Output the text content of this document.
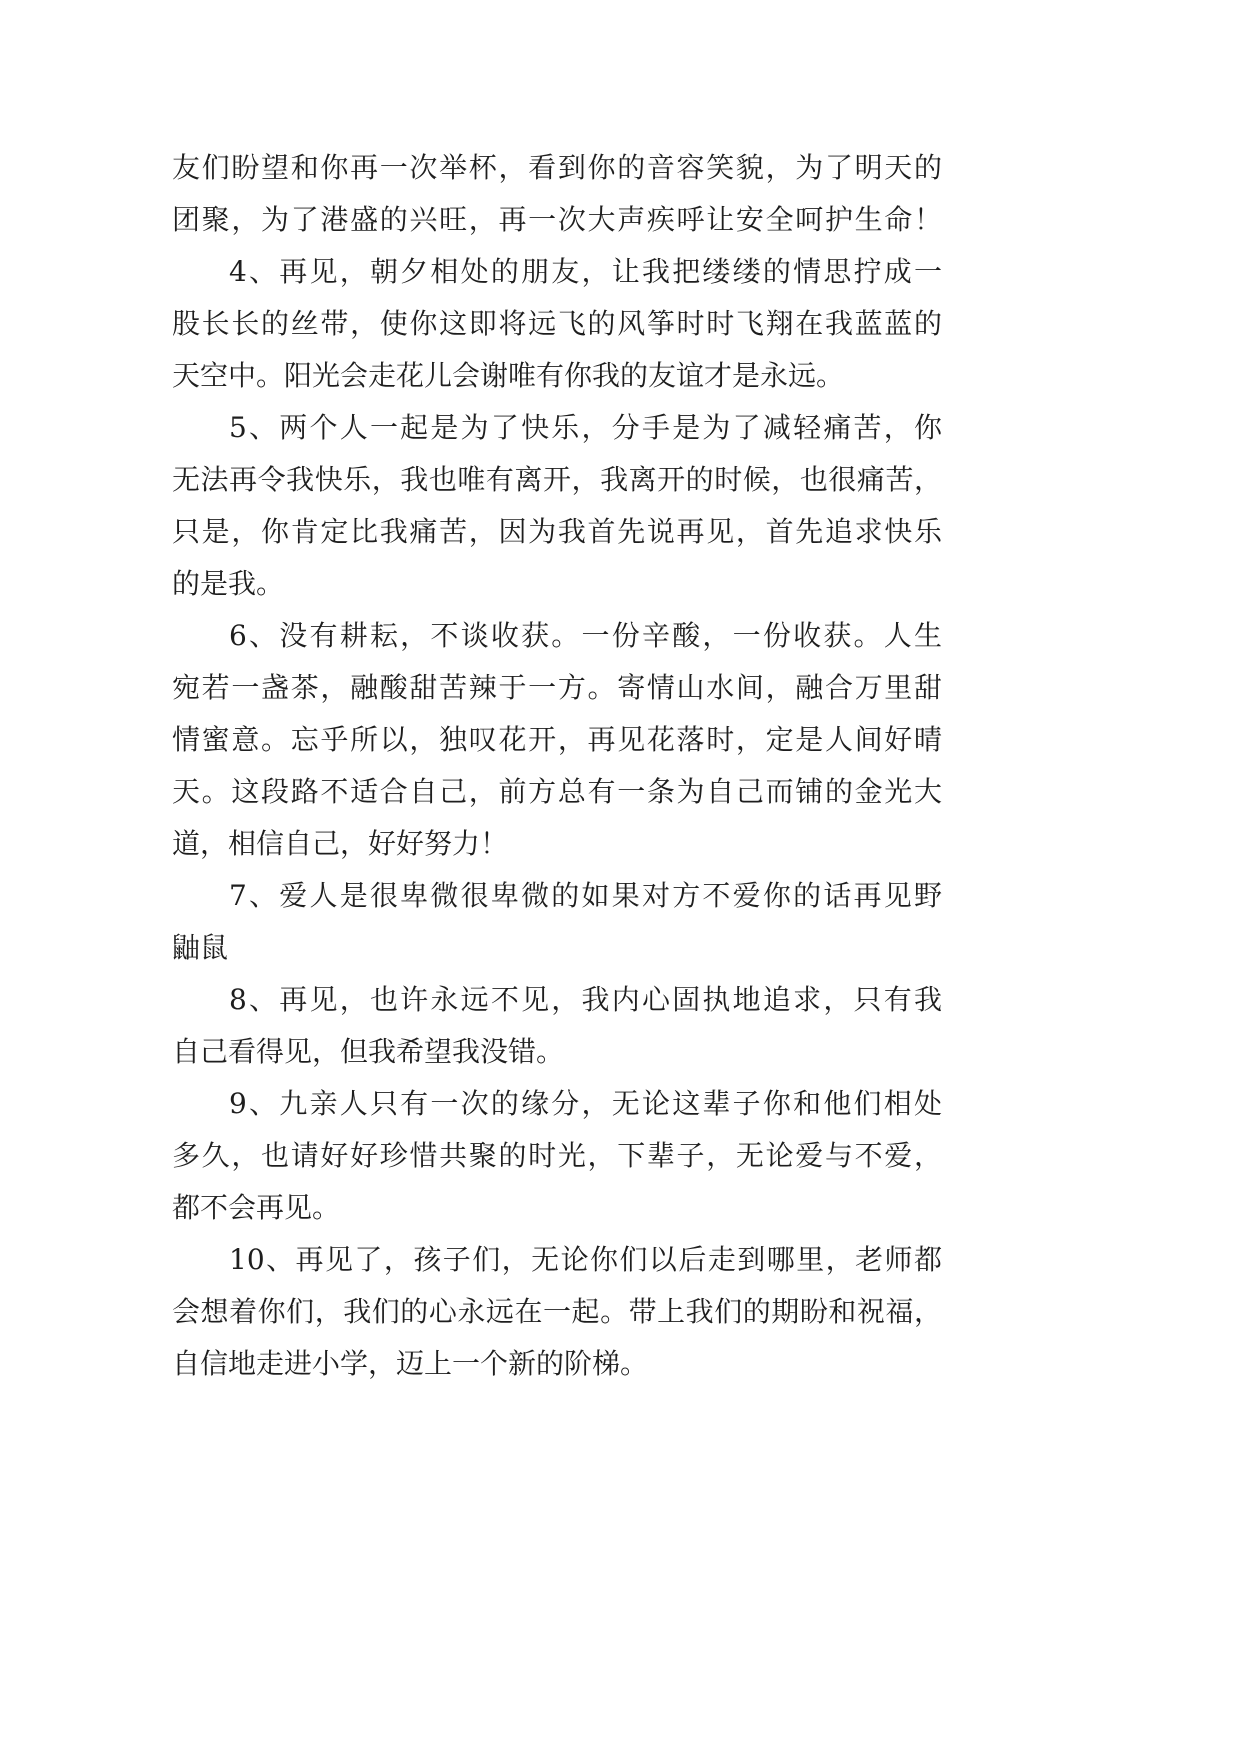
友们盼望和你再一次举杯，看到你的音容笑貌，为了明天的
团聚，为了港盛的兴旺，再一次大声疾呼让安全呵护生命！
4、再见，朝夕相处的朋友，让我把缕缕的情思拧成一
股长长的丝带，使你这即将远飞的风筝时时飞翔在我蓝蓝的
天空中。阳光会走花儿会谢唯有你我的友谊才是永远。
5、两个人一起是为了快乐，分手是为了减轻痛苦，你
无法再令我快乐，我也唯有离开，我离开的时候，也很痛苦，
只是，你肯定比我痛苦，因为我首先说再见，首先追求快乐
的是我。
6、没有耕耘，不谈收获。一份辛酸，一份收获。人生
宛若一盏茶，融酸甜苦辣于一方。寄情山水间，融合万里甜
情蜜意。忘乎所以，独叹花开，再见花落时，定是人间好晴
天。这段路不适合自己，前方总有一条为自己而铺的金光大
道，相信自己，好好努力！
7、爱人是很卑微很卑微的如果对方不爱你的话再见野
鼬鼠
8、再见，也许永远不见，我内心固执地追求，只有我
自己看得见，但我希望我没错。
9、九亲人只有一次的缘分，无论这辈子你和他们相处
多久，也请好好珍惜共聚的时光，下辈子，无论爱与不爱，
都不会再见。
10、再见了，孩子们，无论你们以后走到哪里，老师都
会想着你们，我们的心永远在一起。带上我们的期盼和祝福，
自信地走进小学，迈上一个新的阶梯。
